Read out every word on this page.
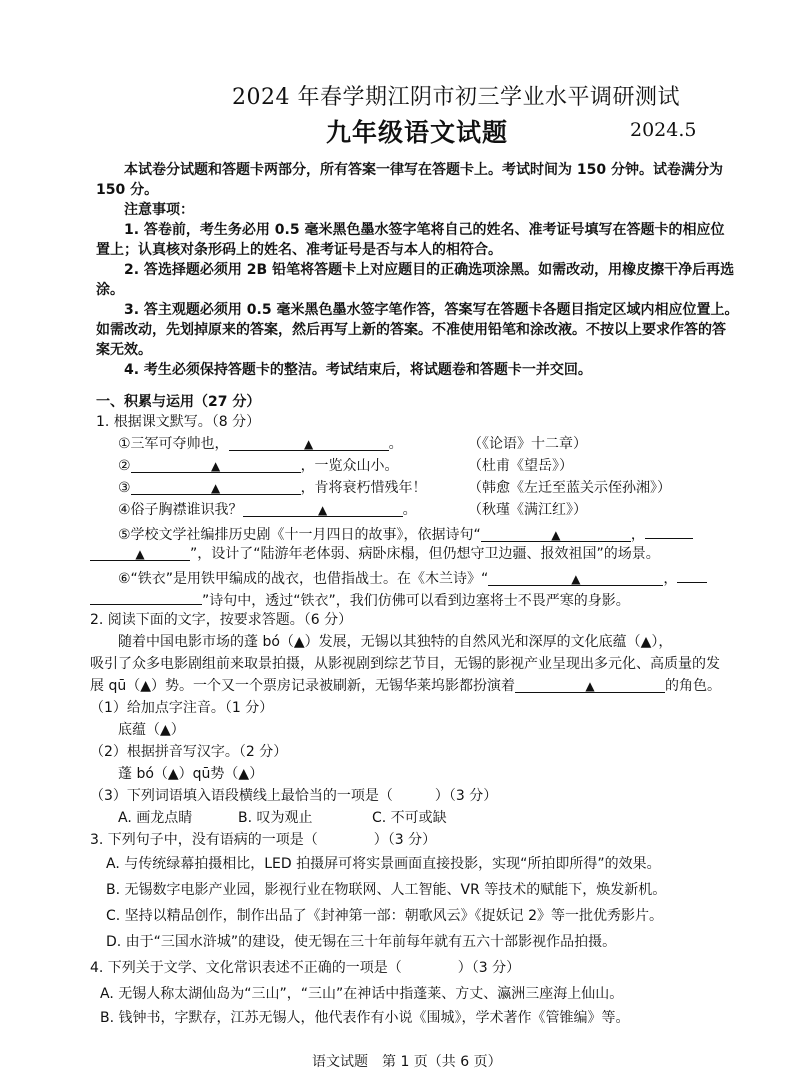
2024 年春学期江阴市初三学业水平调研测试
九年级语文试题	2024.5
本试卷分试题和答题卡两部分，所有答案一律写在答题卡上。考试时间为 150 分钟。试卷满分为
150 分。
注意事项：
1. 答卷前，考生务必用 0.5 毫米黑色墨水签字笔将自己的姓名、准考证号填写在答题卡的相应位
置上；认真核对条形码上的姓名、准考证号是否与本人的相符合。
2. 答选择题必须用 2B 铅笔将答题卡上对应题目的正确选项涂黑。如需改动，用橡皮擦干净后再选
涂。
3. 答主观题必须用 0.5 毫米黑色墨水签字笔作答，答案写在答题卡各题目指定区域内相应位置上。
如需改动，先划掉原来的答案，然后再写上新的答案。不准使用铅笔和涂改液。不按以上要求作答的答
案无效。
4. 考生必须保持答题卡的整洁。考试结束后，将试题卷和答题卡一并交回。
一、积累与运用（27 分）
1. 根据课文默写。（8 分）
①三军可夺帅也，	▲	。	（《论语》十二章）
②	▲	，一览众山小。	（杜甫《望岳》）
③	▲	，肯将衰朽惜残年！	（韩愈《左迁至蓝关示侄孙湘》）
④俗子胸襟谁识我？	▲	。	（秋瑾《满江红》）
⑤学校文学社编排历史剧《十一月四日的故事》，依据诗句“	▲	，
▲	”，设计了“陆游年老体弱、病卧床榻，但仍想守卫边疆、报效祖国”的场景。
⑥“铁衣”是用铁甲编成的战衣，也借指战士。在《木兰诗》“	▲	，
”诗句中，透过“铁衣”，我们仿佛可以看到边塞将士不畏严寒的身影。
2. 阅读下面的文字，按要求答题。（6 分）
随着中国电影市场的蓬 bó（▲）发展，无锡以其独特的自然风光和深厚的文化底蕴（▲），
吸引了众多电影剧组前来取景拍摄，从影视剧到综艺节目，无锡的影视产业呈现出多元化、高质量的发
展 qū（▲）势。一个又一个票房记录被刷新，无锡华莱坞影都扮演着	▲	的角色。
（1）给加点字注音。（1 分）
底蕴（▲）
（2）根据拼音写汉字。（2 分）
蓬 bó（▲）qū势（▲）
（3）下列词语填入语段横线上最恰当的一项是（　　　）（3 分）
A. 画龙点睛	B. 叹为观止	C. 不可或缺
3. 下列句子中，没有语病的一项是（　　　　）（3 分）
A. 与传统绿幕拍摄相比，LED 拍摄屏可将实景画面直接投影，实现“所拍即所得”的效果。
B. 无锡数字电影产业园，影视行业在物联网、人工智能、VR 等技术的赋能下，焕发新机。
C. 坚持以精品创作，制作出品了《封神第一部：朝歌风云》《捉妖记 2》等一批优秀影片。
D. 由于“三国水浒城”的建设，使无锡在三十年前每年就有五六十部影视作品拍摄。
4. 下列关于文学、文化常识表述不正确的一项是（　　　　）（3 分）
A. 无锡人称太湖仙岛为“三山”，“三山”在神话中指蓬莱、方丈、瀛洲三座海上仙山。
B. 钱钟书，字默存，江苏无锡人，他代表作有小说《围城》，学术著作《管锥编》等。
语文试题　第 1 页（共 6 页）
